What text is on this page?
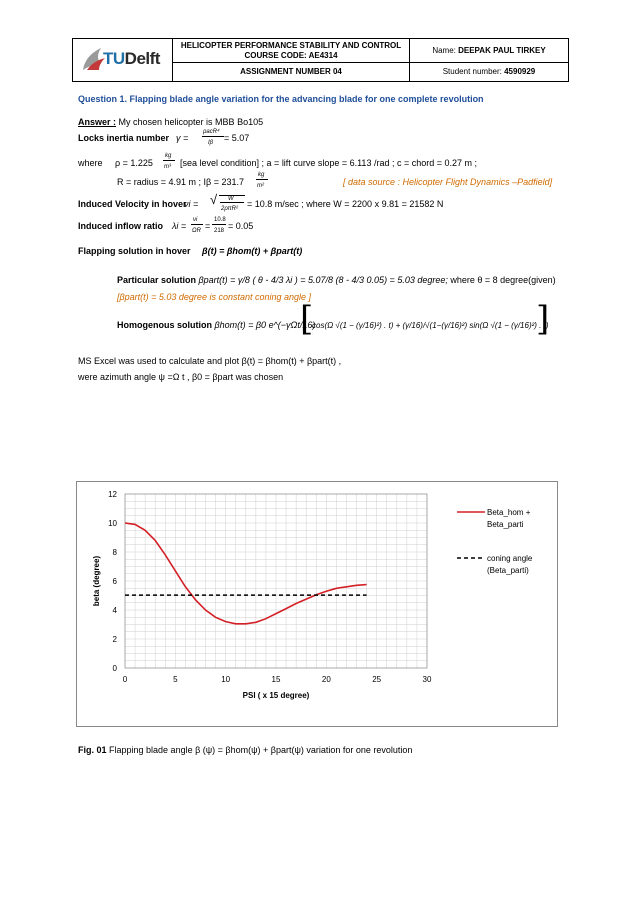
TUDelft
HELICOPTER PERFORMANCE STABILITY AND CONTROL
COURSE CODE: AE4314
ASSIGNMENT NUMBER 04
Name: DEEPAK PAUL TIRKEY
Student number: 4590929
Question 1. Flapping blade angle variation for the advancing blade for one complete revolution
Answer : My chosen helicopter is MBB Bo105
Locks inertia number γ =
ρacR⁴
Iβ = 5.07
where ρ = 1.225
kg
m³ [sea level condition] ; a = lift curve slope = 6.113 /rad ; c = chord = 0.27 m ;
R = radius = 4.91 m ; Iβ = 231.7
kg
m²	[ data source : Helicopter Flight Dynamics –Padfield]
Induced Velocity in hover
νi = √ W
2ρπR² = 10.8 m/sec ; where W = 2200 x 9.81 = 21582 N
Induced inflow ratio λi =
νi
ΩR =
10.8
218 = 0.05
Flapping solution in hover β(t) = βhom(t) + βpart(t)
Particular solution βpart(t) = γ/8 ( θ - 4/3 λi ) = 5.07/8 (8 - 4/3 0.05) = 5.03 degree; where θ = 8 degree(given)
[βpart(t) = 5.03 degree is constant coning angle ]
Homogenous solution βhom(t) = β0 e^(−γΩt/16)
[
cos(Ω √(1 − (γ/16)²) . t) + (γ/16)/√(1−(γ/16)²) sin(Ω √(1 − (γ/16)²) . t)
]
MS Excel was used to calculate and plot β(t) = βhom(t) + βpart(t) ,
were azimuth angle ψ =Ω t , β0 = βpart was chosen
0
2
4
6
8
10
12
0	5	10	15	20	25	30
PSI ( x 15 degree)
beta (degree)
Beta_hom +
Beta_parti
coning angle
(Beta_parti)
Fig. 01 Flapping blade angle β (ψ) = βhom(ψ) + βpart(ψ) variation for one revolution
